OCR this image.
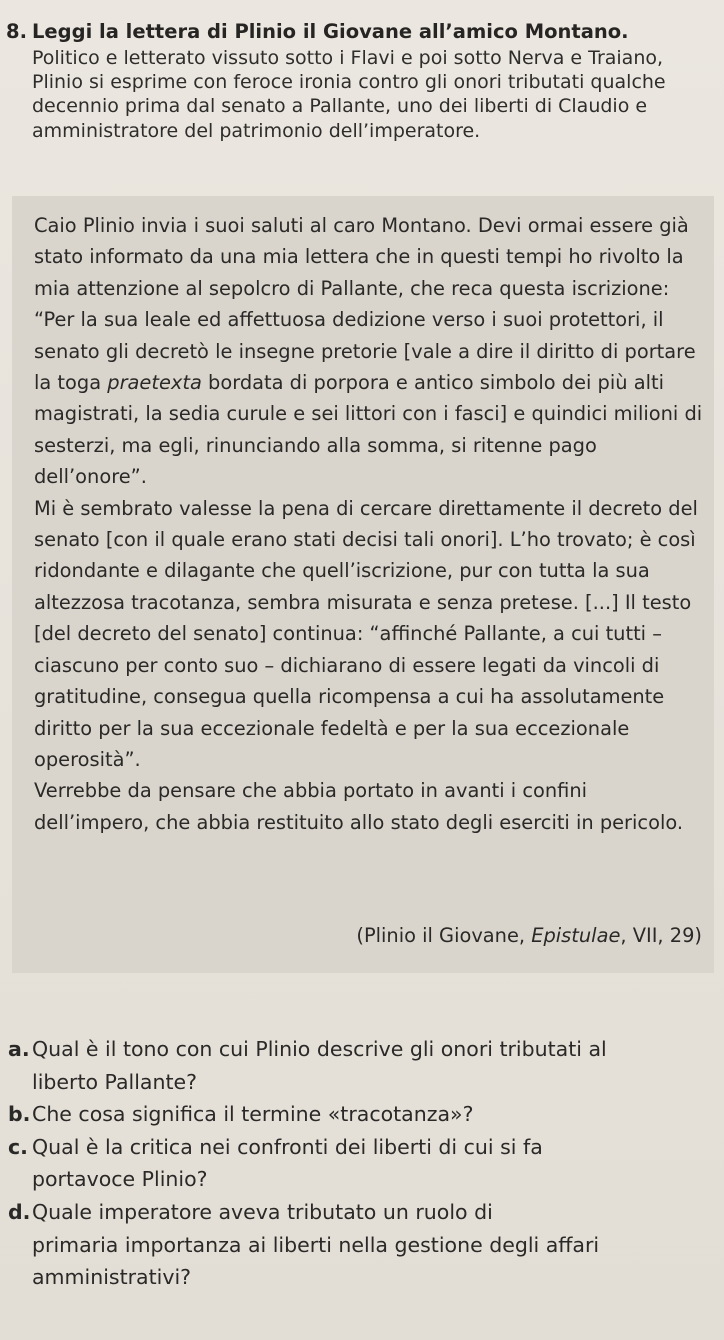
8. Leggi la lettera di Plinio il Giovane all’amico Montano.

Politico e letterato vissuto sotto i Flavi e poi sotto Nerva e Traiano, Plinio si esprime con feroce ironia contro gli onori tributati qualche decennio prima dal senato a Pallante, uno dei liberti di Claudio e amministratore del patrimonio dell’imperatore.

Caio Plinio invia i suoi saluti al caro Montano. Devi ormai essere già stato informato da una mia lettera che in questi tempi ho rivolto la mia attenzione al sepolcro di Pallante, che reca questa iscrizione: “Per la sua leale ed affettuosa dedizione verso i suoi protettori, il senato gli decretò le insegne pretorie [vale a dire il diritto di portare la toga praetexta bordata di porpora e antico simbolo dei più alti magistrati, la sedia curule e sei littori con i fasci] e quindici milioni di sesterzi, ma egli, rinunciando alla somma, si ritenne pago dell’onore”.

Mi è sembrato valesse la pena di cercare direttamente il decreto del senato [con il quale erano stati decisi tali onori]. L’ho trovato; è così ridondante e dilagante che quell’iscrizione, pur con tutta la sua altezzosa tracotanza, sembra misurata e senza pretese. [...] Il testo [del decreto del senato] continua: “affinché Pallante, a cui tutti – ciascuno per conto suo – dichiarano di essere legati da vincoli di gratitudine, consegua quella ricompensa a cui ha assolutamente diritto per la sua eccezionale fedeltà e per la sua eccezionale operosità”.

Verrebbe da pensare che abbia portato in avanti i confini dell’impero, che abbia restituito allo stato degli eserciti in pericolo.

(Plinio il Giovane, Epistulae, VII, 29)
a. Qual è il tono con cui Plinio descrive gli onori tributati al
liberto Pallante?
b. Che cosa significa il termine «tracotanza»?
c. Qual è la critica nei confronti dei liberti di cui si fa
portavoce Plinio?
d. Quale imperatore aveva tributato un ruolo di
primaria importanza ai liberti nella gestione degli affari
amministrativi?
